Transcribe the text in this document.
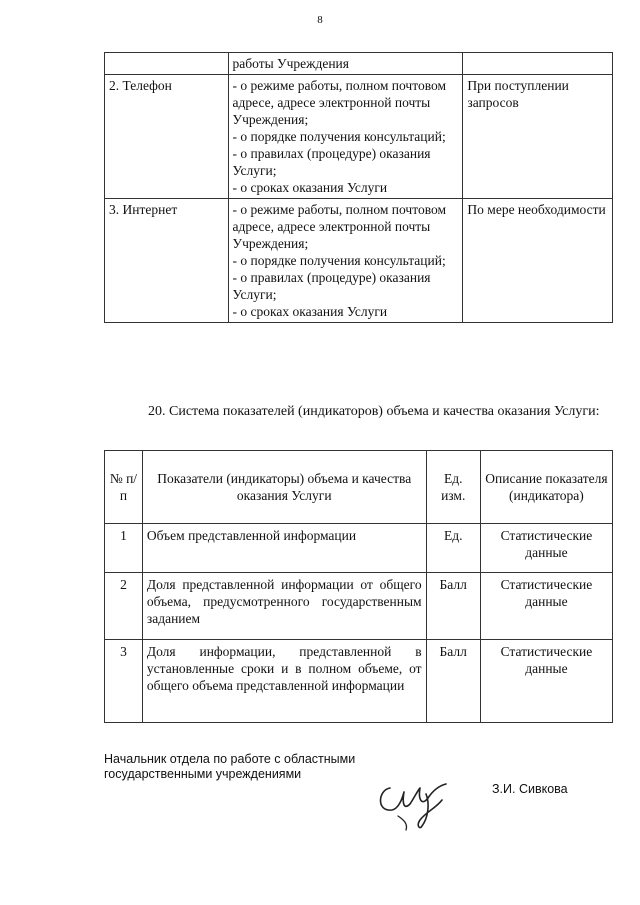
8

	работы Учреждения	

2. Телефон	- о режиме работы, полном почтовом адресе, адресе электронной почты Учреждения;
- о порядке получения консультаций;
- о правилах (процедуре) оказания Услуги;
- о сроках оказания Услуги	При поступлении запросов
3. Интернет	- о режиме работы, полном почтовом адресе, адресе электронной почты Учреждения;
- о порядке получения консультаций;
- о правилах (процедуре) оказания Услуги;
- о сроках оказания Услуги	По мере необходимости
20. Система показателей (индикаторов) объема и качества оказания Услуги:
№ п/п	Показатели (индикаторы) объема и качества оказания Услуги	Ед. изм.	Описание показателя (индикатора)
1	Объем представленной информации	Ед.	Статистические данные
2	Доля представленной информации от общего объема, предусмотренного государственным заданием	Балл	Статистические данные
3	Доля информации, представленной в установленные сроки и в полном объеме, от общего объема представленной информации	Балл	Статистические данные
Начальник отдела по работе с областными государственными учреждениями
З.И. Сивкова
